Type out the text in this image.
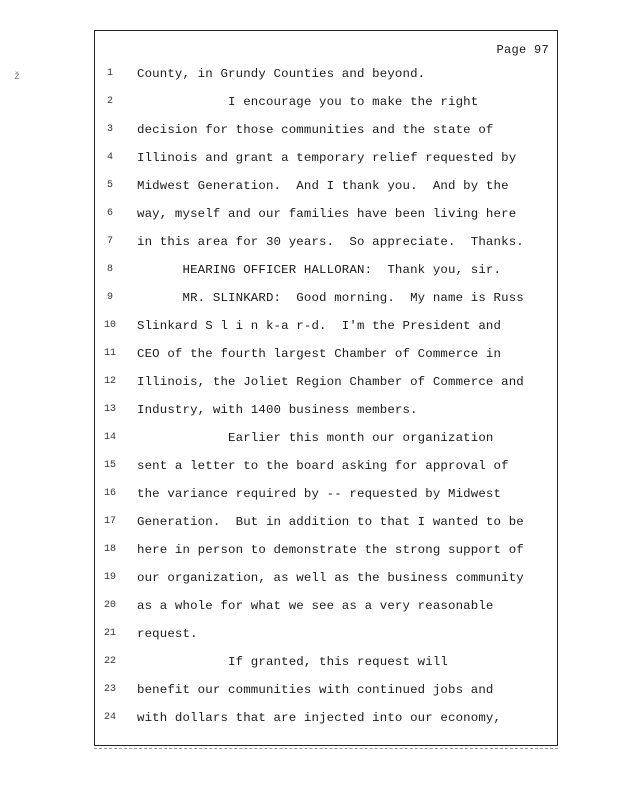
Page 97
ž	1	County, in Grundy Counties and beyond.
2	I encourage you to make the right
3	decision for those communities and the state of
4	Illinois and grant a temporary relief requested by
5	Midwest Generation.  And I thank you.  And by the
6	way, myself and our families have been living here
7	in this area for 30 years.  So appreciate.  Thanks.
8	HEARING OFFICER HALLORAN:  Thank you, sir.
9	MR. SLINKARD:  Good morning.  My name is Russ
10	Slinkard S l i n k-a r-d.  I'm the President and
11	CEO of the fourth largest Chamber of Commerce in
12	Illinois, the Joliet Region Chamber of Commerce and
13	Industry, with 1400 business members.
14	Earlier this month our organization
15	sent a letter to the board asking for approval of
16	the variance required by -- requested by Midwest
17	Generation.  But in addition to that I wanted to be
18	here in person to demonstrate the strong support of
19	our organization, as well as the business community
20	as a whole for what we see as a very reasonable
21	request.
22	If granted, this request will
23	benefit our communities with continued jobs and
24	with dollars that are injected into our economy,
